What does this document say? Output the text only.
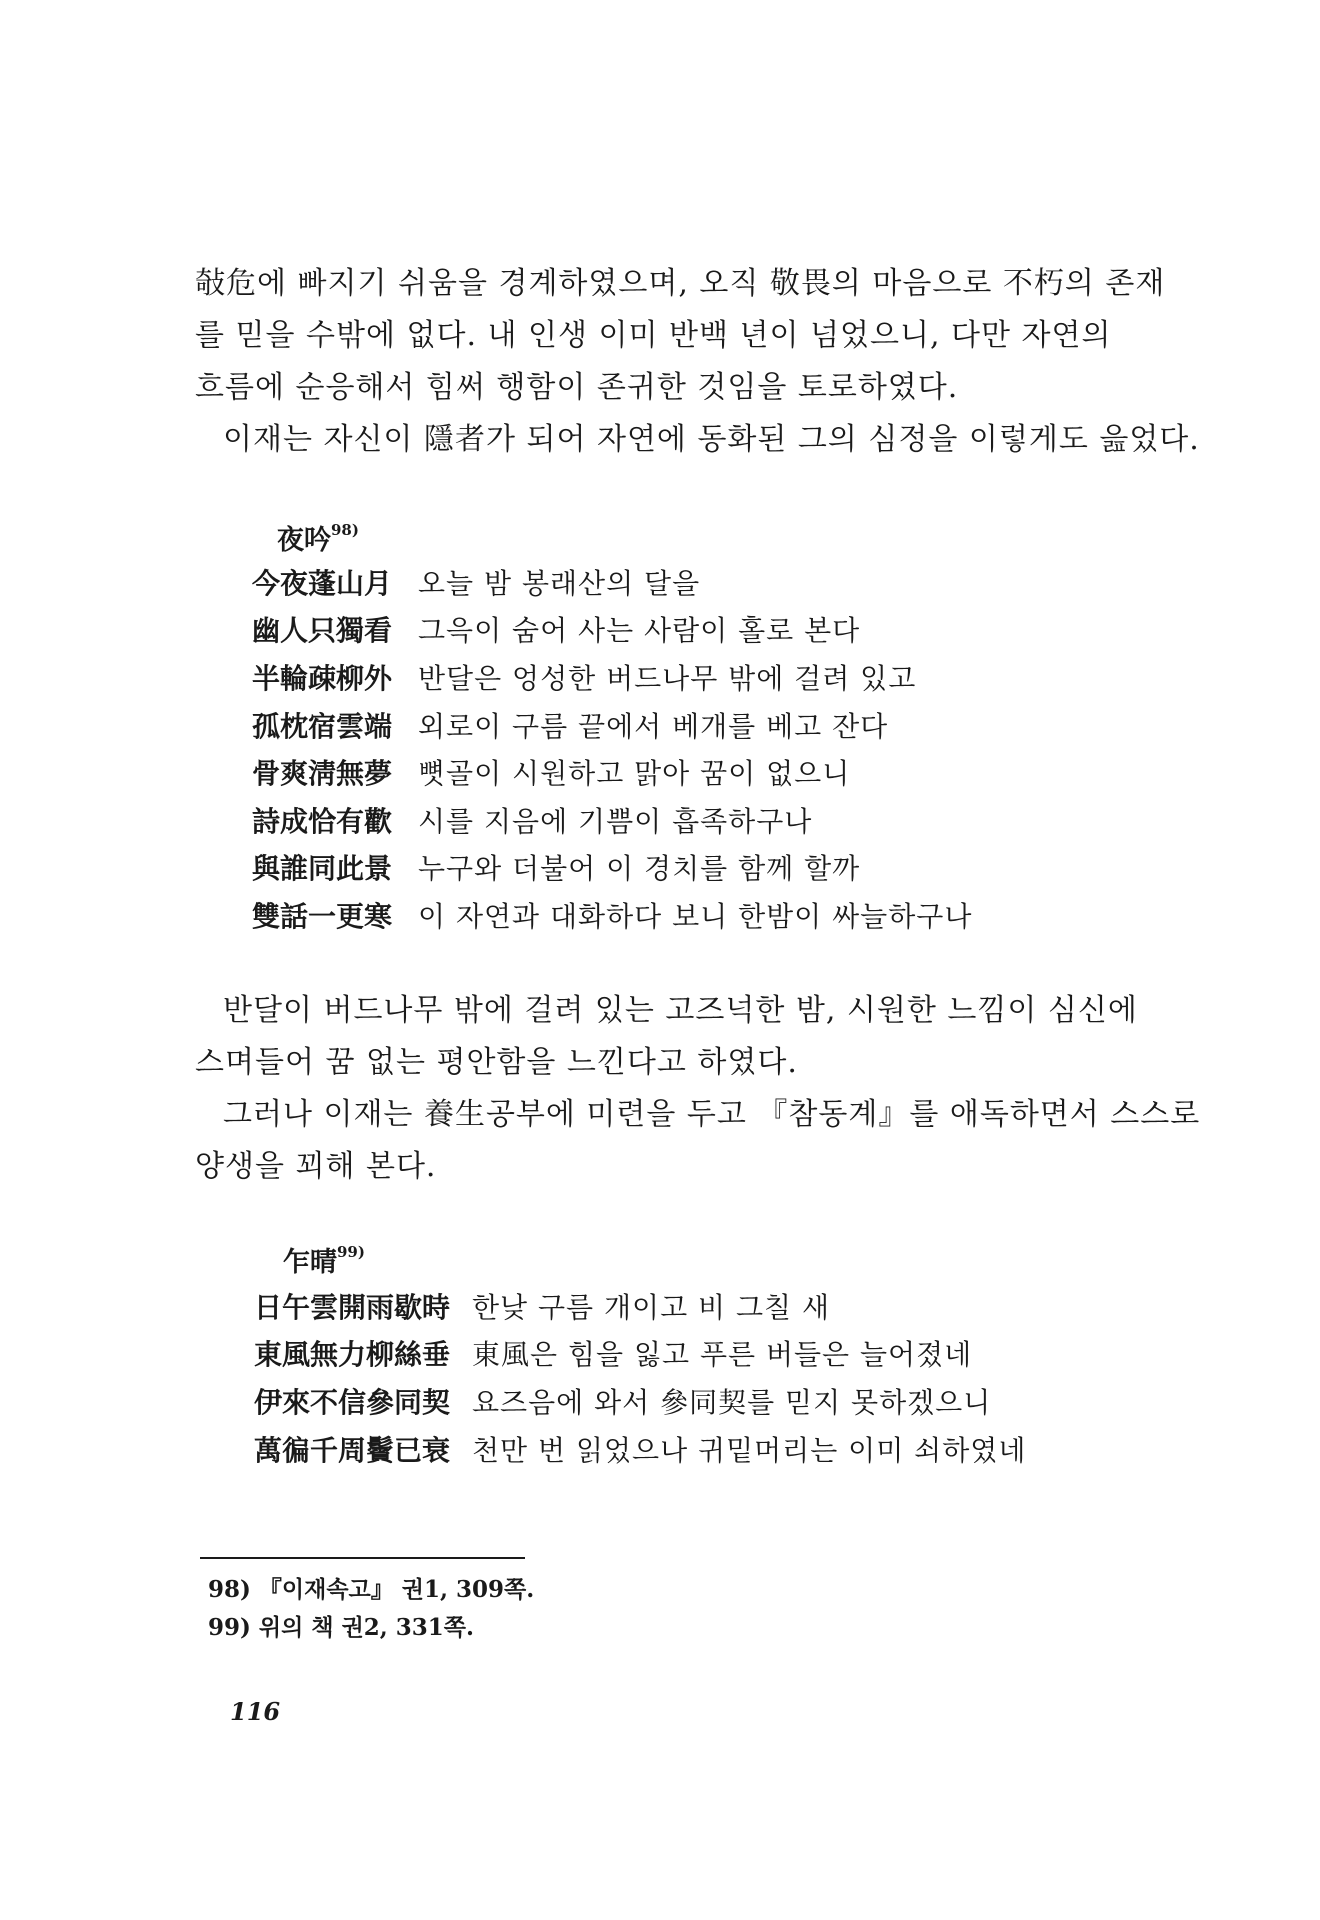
敧危에 빠지기 쉬움을 경계하였으며, 오직 敬畏의 마음으로 不朽의 존재
를 믿을 수밖에 없다. 내 인생 이미 반백 년이 넘었으니, 다만 자연의
흐름에 순응해서 힘써 행함이 존귀한 것임을 토로하였다.
이재는 자신이 隱者가 되어 자연에 동화된 그의 심정을 이렇게도 읊었다.
夜吟$^{98)}$
今夜蓬山月 오늘 밤 봉래산의 달을
幽人只獨看 그윽이 숨어 사는 사람이 홀로 본다
半輪疎柳外 반달은 엉성한 버드나무 밖에 걸려 있고
孤枕宿雲端 외로이 구름 끝에서 베개를 베고 잔다
骨爽淸無夢 뼛골이 시원하고 맑아 꿈이 없으니
詩成恰有歡 시를 지음에 기쁨이 흡족하구나
與誰同此景 누구와 더불어 이 경치를 함께 할까
雙話一更寒 이 자연과 대화하다 보니 한밤이 싸늘하구나
반달이 버드나무 밖에 걸려 있는 고즈넉한 밤, 시원한 느낌이 심신에
스며들어 꿈 없는 평안함을 느낀다고 하였다.
그러나 이재는 養生공부에 미련을 두고 『참동계』를 애독하면서 스스로
양생을 꾀해 본다.
乍晴$^{99)}$
日午雲開雨歇時 한낮 구름 개이고 비 그칠 새
東風無力柳絲垂 東風은 힘을 잃고 푸른 버들은 늘어졌네
伊來不信參同契 요즈음에 와서 參同契를 믿지 못하겠으니
萬徧千周鬢已衰 천만 번 읽었으나 귀밑머리는 이미 쇠하였네
98) 『이재속고』 권1, 309쪽.
99) 위의 책 권2, 331쪽.
116
